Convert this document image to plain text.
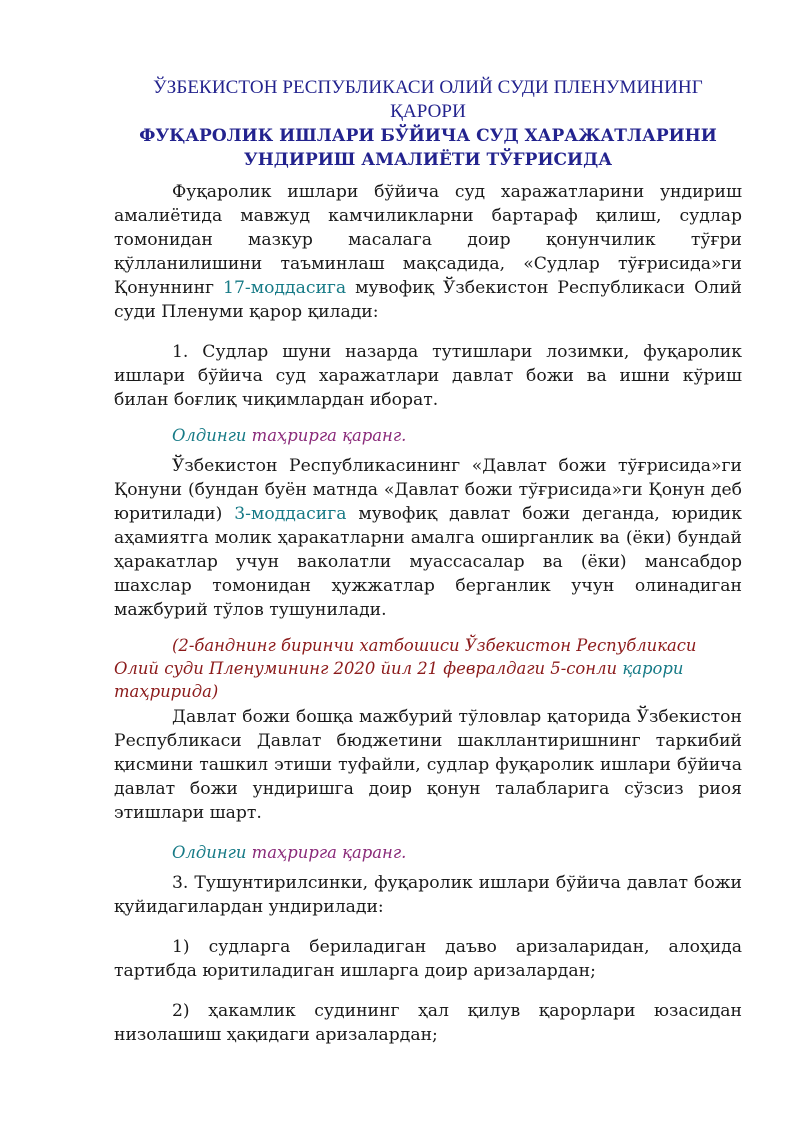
ЎЗБЕКИСТОН РЕСПУБЛИКАСИ ОЛИЙ СУДИ ПЛЕНУМИНИНГ

ҚАРОРИ

ФУҚАРОЛИК ИШЛАРИ БЎЙИЧА СУД ХАРАЖАТЛАРИНИ

УНДИРИШ АМАЛИЁТИ ТЎҒРИСИДА

Фуқаролик ишлари бўйича суд харажатларини ундириш амалиётида мавжуд камчиликларни бартараф қилиш, судлар томонидан мазкур масалага доир қонунчилик тўғри қўлланилишини таъминлаш мақсадида, «Судлар тўғрисида»ги Қонуннинг 17-моддасига мувофиқ Ўзбекистон Республикаси Олий суди Пленуми қарор қилади:

1. Судлар шуни назарда тутишлари лозимки, фуқаролик ишлари бўйича суд харажатлари давлат божи ва ишни кўриш билан боғлиқ чиқимлардан иборат.

Олдинги таҳрирга қаранг.

Ўзбекистон Республикасининг «Давлат божи тўғрисида»ги Қонуни (бундан буён матнда «Давлат божи тўғрисида»ги Қонун деб юритилади) 3-моддасига мувофиқ давлат божи деганда, юридик аҳамиятга молик ҳаракатларни амалга оширганлик ва (ёки) бундай ҳаракатлар учун ваколатли муассасалар ва (ёки) мансабдор шахслар томонидан ҳужжатлар берганлик учун олинадиган мажбурий тўлов тушунилади.

(2-банднинг биринчи хатбошиси Ўзбекистон Республикаси Олий суди Пленумининг 2020 йил 21 февралдаги 5-сонли қарори таҳририда)

Давлат божи бошқа мажбурий тўловлар қаторида Ўзбекистон Республикаси Давлат бюджетини шакллантиришнинг таркибий қисмини ташкил этиши туфайли, судлар фуқаролик ишлари бўйича давлат божи ундиришга доир қонун талабларига сўзсиз риоя этишлари шарт.

Олдинги таҳрирга қаранг.

3. Тушунтирилсинки, фуқаролик ишлари бўйича давлат божи қуйидагилардан ундирилади:

1) судларга бериладиган даъво аризаларидан, алоҳида тартибда юритиладиган ишларга доир аризалардан;

2) ҳакамлик судининг ҳал қилув қарорлари юзасидан низолашиш ҳақидаги аризалардан;
